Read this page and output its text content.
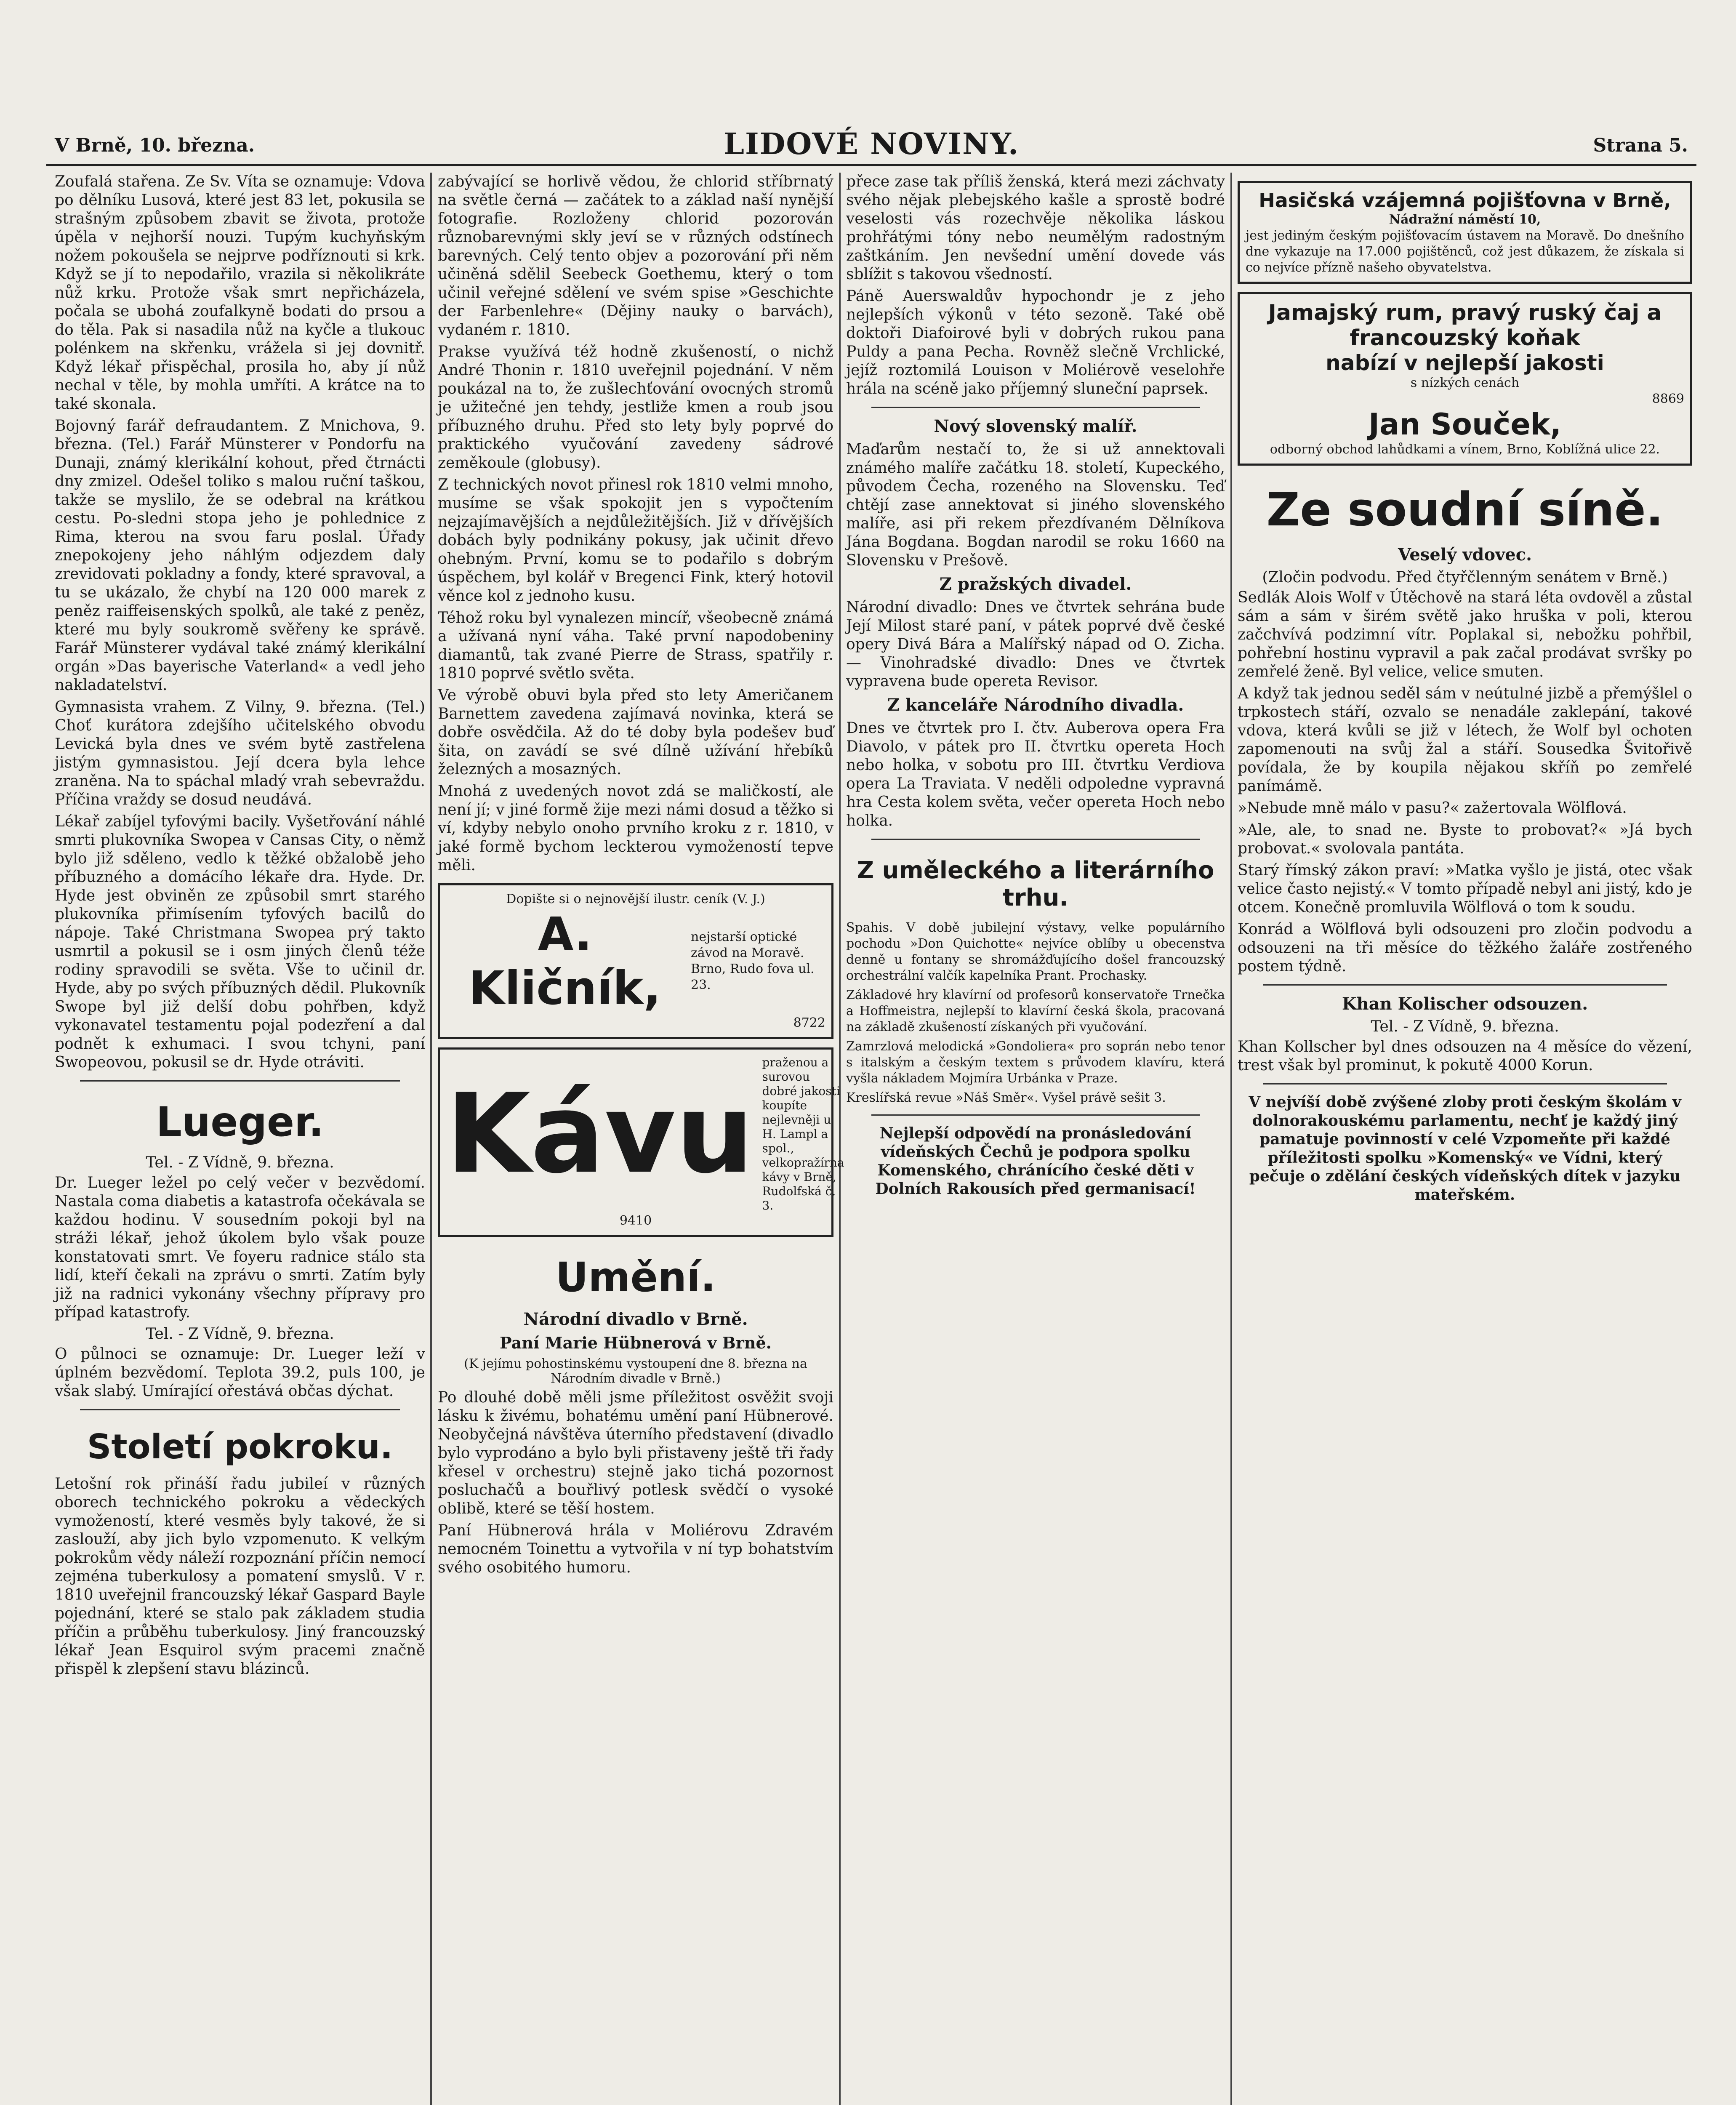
V Brně, 10. března.	LIDOVÉ NOVINY.	Strana 5.

Zoufalá stařena. Ze Sv. Víta se oznamuje: Vdova po dělníku Lusová, které jest 83 let, pokusila se strašným způsobem zbavit se života, protože úpěla v nejhorší nouzi. Tupým kuchyňským nožem pokoušela se nejprve podříznouti si krk. Když se jí to nepodařilo, vrazila si několikráte nůž krku. Protože však smrt nepřicházela, počala se ubohá zoufalkyně bodati do prsou a do těla. Pak si nasadila nůž na kyčle a tlukouc polénkem na skřenku, vrážela si jej dovnitř. Když lékař přispěchal, prosila ho, aby jí nůž nechal v těle, by mohla umříti. A krátce na to také skonala.

Bojovný farář defraudantem. Z Mnichova, 9. března. (Tel.) Farář Münsterer v Pondorfu na Dunaji, známý klerikální kohout, před čtrnácti dny zmizel. Odešel toliko s malou ruční taškou, takže se myslilo, že se odebral na krátkou cestu. Po-sledni stopa jeho je pohlednice z Rima, kterou na svou faru poslal. Úřady znepokojeny jeho náhlým odjezdem daly zrevidovati pokladny a fondy, které spravoval, a tu se ukázalo, že chybí na 120 000 marek z peněz raiffeisenských spolků, ale také z peněz, které mu byly soukromě svěřeny ke správě. Farář Münsterer vydával také známý klerikální orgán »Das bayerische Vaterland« a vedl jeho nakladatelství.

Gymnasista vrahem. Z Vilny, 9. března. (Tel.) Choť kurátora zdejšího učitelského obvodu Levická byla dnes ve svém bytě zastřelena jistým gymnasistou. Její dcera byla lehce zraněna. Na to spáchal mladý vrah sebevraždu. Příčina vraždy se dosud neudává.

Lékař zabíjel tyfovými bacily. Vyšetřování náhlé smrti plukovníka Swopea v Cansas City, o němž bylo již sděleno, vedlo k těžké obžalobě jeho příbuzného a domácího lékaře dra. Hyde. Dr. Hyde jest obviněn ze způsobil smrt starého plukovníka přimísením tyfových bacilů do nápoje. Také Christmana Swopea prý takto usmrtil a pokusil se i osm jiných členů téže rodiny spravodili se světa. Vše to učinil dr. Hyde, aby po svých příbuzných dědil. Plukovník Swope byl již delší dobu pohřben, když vykonavatel testamentu pojal podezření a dal podnět k exhumaci. I svou tchyni, paní Swopeovou, pokusil se dr. Hyde otráviti.

Lueger.
Tel. - Z Vídně, 9. března.

Dr. Lueger ležel po celý večer v bezvědomí. Nastala coma diabetis a katastrofa očekávala se každou hodinu. V sousedním pokoji byl na stráži lékař, jehož úkolem bylo však pouze konstatovati smrt. Ve foyeru radnice stálo sta lidí, kteří čekali na zprávu o smrti. Zatím byly již na radnici vykonány všechny přípravy pro případ katastrofy.

Tel. - Z Vídně, 9. března.

O půlnoci se oznamuje: Dr. Lueger leží v úplném bezvědomí. Teplota 39.2, puls 100, je však slabý. Umírající ořestává občas dýchat.

Století pokroku.

Letošní rok přináší řadu jubileí v různých oborech technického pokroku a vědeckých vymožeností, které vesměs byly takové, že si zaslouží, aby jich bylo vzpomenuto. K velkým pokrokům vědy náleží rozpoznání příčin nemocí zejména tuberkulosy a pomatení smyslů. V r. 1810 uveřejnil francouzský lékař Gaspard Bayle pojednání, které se stalo pak základem studia příčin a průběhu tuberkulosy. Jiný francouzský lékař Jean Esquirol svým pracemi značně přispěl k zlepšení stavu blázinců.

zabývající se horlivě vědou, že chlorid stříbrnatý na světle černá — začátek to a základ naší nynější fotografie. Rozloženy chlorid pozorován různobarevnými skly jeví se v různých odstínech barevných. Celý tento objev a pozorování při něm učiněná sdělil Seebeck Goethemu, který o tom učinil veřejné sdělení ve svém spise »Geschichte der Farbenlehre« (Dějiny nauky o barvách), vydaném r. 1810.

Prakse využívá též hodně zkušeností, o nichž André Thonin r. 1810 uveřejnil pojednání. V něm poukázal na to, že zušlechťování ovocných stromů je užitečné jen tehdy, jestliže kmen a roub jsou příbuzného druhu. Před sto lety byly poprvé do praktického vyučování zavedeny sádrové zeměkoule (globusy).

Z technických novot přinesl rok 1810 velmi mnoho, musíme se však spokojit jen s vypočtením nejzajímavějších a nejdůležitějších. Již v dřívějších dobách byly podnikány pokusy, jak učinit dřevo ohebným. První, komu se to podařilo s dobrým úspěchem, byl kolář v Bregenci Fink, který hotovil věnce kol z jednoho kusu.

Téhož roku byl vynalezen mincíř, všeobecně známá a užívaná nyní váha. Také první napodobeniny diamantů, tak zvané Pierre de Strass, spatřily r. 1810 poprvé světlo světa.

Ve výrobě obuvi byla před sto lety Američanem Barnettem zavedena zajímavá novinka, která se dobře osvědčila. Až do té doby byla podešev buď šita, on zavádí se své dílně užívání hřebíků železných a mosazných.

Mnohá z uvedených novot zdá se maličkostí, ale není jí; v jiné formě žije mezi námi dosud a těžko si ví, kdyby nebylo onoho prvního kroku z r. 1810, v jaké formě bychom leckterou vymožeností tepve měli.

Dopište si o nejnovější ilustr. ceník (V. J.)
A. Kličník,
nejstarší optické závod na Moravě. Brno, Rudo fova ul. 23.
8722
Kávu
praženou a surovou dobré jakosti koupíte nejlevněji u H. Lampl a spol., velkopražírna kávy v Brně, Rudolfská č. 3.
9410
Umění.
Národní divadlo v Brně.
Paní Marie Hübnerová v Brně.
(K jejímu pohostinskému vystoupení dne 8. března na Národním divadle v Brně.)

Po dlouhé době měli jsme příležitost osvěžit svoji lásku k živému, bohatému umění paní Hübnerové. Neobyčejná návštěva úterního představení (divadlo bylo vyprodáno a bylo byli přistaveny ještě tři řady křesel v orchestru) stejně jako tichá pozornost posluchačů a bouřlivý potlesk svědčí o vysoké oblibě, které se těší hostem.

Paní Hübnerová hrála v Moliérovu Zdravém nemocném Toinettu a vytvořila v ní typ bohatstvím svého osobitého humoru.

přece zase tak příliš ženská, která mezi záchvaty svého nějak plebejského kašle a sprostě bodré veselosti vás rozechvěje několika láskou prohřátými tóny nebo neumělým radostným zaštkáním. Jen nevšední umění dovede vás sblížit s takovou všedností.

Páně Auerswaldův hypochondr je z jeho nejlepších výkonů v této sezoně. Také obě doktoři Diafoirové byli v dobrých rukou pana Puldy a pana Pecha. Rovněž slečně Vrchlické, jejíž roztomilá Louison v Moliérově veselohře hrála na scéně jako příjemný sluneční paprsek.

Nový slovenský malíř.

Maďarům nestačí to, že si už annektovali známého malíře začátku 18. století, Kupeckého, původem Čecha, rozeného na Slovensku. Teď chtějí zase annektovat si jiného slovenského malíře, asi při rekem přezdívaném Dělníkova Jána Bogdana. Bogdan narodil se roku 1660 na Slovensku v Prešově.

Z pražských divadel.

Národní divadlo: Dnes ve čtvrtek sehrána bude Její Milost staré paní, v pátek poprvé dvě české opery Divá Bára a Malířský nápad od O. Zicha. — Vinohradské divadlo: Dnes ve čtvrtek vypravena bude opereta Revisor.

Z kanceláře Národního divadla.

Dnes ve čtvrtek pro I. čtv. Auberova opera Fra Diavolo, v pátek pro II. čtvrtku opereta Hoch nebo holka, v sobotu pro III. čtvrtku Verdiova opera La Traviata. V neděli odpoledne vypravná hra Cesta kolem světa, večer opereta Hoch nebo holka.

Z uměleckého a literárního trhu.

Spahis. V době jubilejní výstavy, velke populárního pochodu »Don Quichotte« nejvíce oblíby u obecenstva denně u fontany se shromážďujícího došel francouzský orchestrální valčík kapelníka Prant. Prochasky.

Základové hry klavírní od profesorů konservatoře Trnečka a Hoffmeistra, nejlepší to klavírní česká škola, pracovaná na základě zkušeností získaných při vyučování.

Zamrzlová melodická »Gondoliera« pro soprán nebo tenor s italským a českým textem s průvodem klavíru, která vyšla nákladem Mojmíra Urbánka v Praze.

Kreslířská revue »Náš Směr«. Vyšel právě sešit 3.

Nejlepší odpovědí na pronásledování vídeňských Čechů je podpora spolku Komenského, chránícího české děti v Dolních Rakousích před germanisací!

Hasičská vzájemná pojišťovna v Brně,
Nádražní náměstí 10,
jest jediným českým pojišťovacím ústavem na Moravě. Do dnešního dne vykazuje na 17.000 pojištěnců, což jest důkazem, že získala si co nejvíce přízně našeho obyvatelstva.
Jamajský rum, pravý ruský čaj a francouzský koňak
nabízí v nejlepší jakosti
s nízkých cenách
8869
Jan Souček,
odborný obchod lahůdkami a vínem, Brno, Koblížná ulice 22.
Ze soudní síně.
Veselý vdovec.
(Zločin podvodu. Před čtyřčlenným senátem v Brně.)

Sedlák Alois Wolf v Útěchově na stará léta ovdověl a zůstal sám a sám v širém světě jako hruška v poli, kterou začchvívá podzimní vítr. Poplakal si, nebožku pohřbil, pohřební hostinu vypravil a pak začal prodávat svršky po zemřelé ženě. Byl velice, velice smuten.

A když tak jednou seděl sám v neútulné jizbě a přemýšlel o trpkostech stáří, ozvalo se nenadále zaklepání, takové vdova, která kvůli se již v létech, že Wolf byl ochoten zapomenouti na svůj žal a stáří. Sousedka Švitořivě povídala, že by koupila nějakou skříň po zemřelé panímámě.

»Nebude mně málo v pasu?« zažertovala Wölflová.

»Ale, ale, to snad ne. Byste to probovat?« »Já bych probovat.« svolovala pantáta.

Starý římský zákon praví: »Matka vyšlo je jistá, otec však velice často nejistý.« V tomto případě nebyl ani jistý, kdo je otcem. Konečně promluvila Wölflová o tom k soudu.

Konrád a Wölflová byli odsouzeni pro zločin podvodu a odsouzeni na tři měsíce do těžkého žaláře zostřeného postem týdně.

Khan Kolischer odsouzen.
Tel. - Z Vídně, 9. března.

Khan Kollscher byl dnes odsouzen na 4 měsíce do vězení, trest však byl prominut, k pokutě 4000 Korun.

V nejvíší době zvýšené zloby proti českým školám v dolnorakouskému parlamentu, nechť je každý jiný pamatuje povinností v celé Vzpomeňte při každé příležitosti spolku »Komenský« ve Vídni, který pečuje o zdělání českých vídeňských dítek v jazyku mateřském.
